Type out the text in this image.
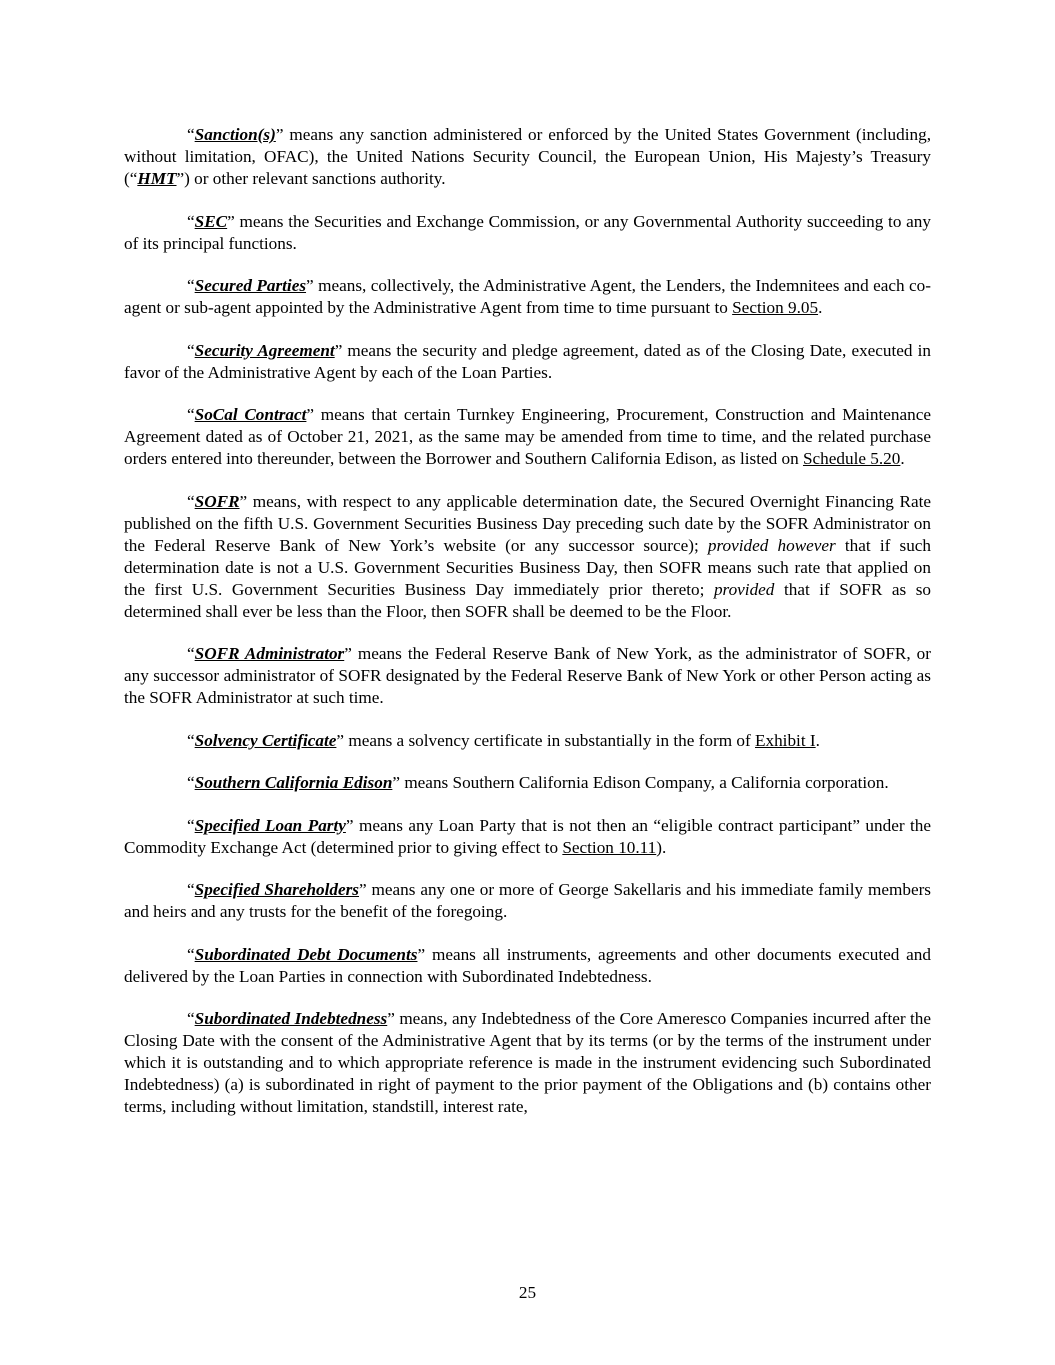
“Sanction(s)” means any sanction administered or enforced by the United States Government (including, without limitation, OFAC), the United Nations Security Council, the European Union, His Majesty’s Treasury (“HMT”) or other relevant sanctions authority.

“SEC” means the Securities and Exchange Commission, or any Governmental Authority succeeding to any of its principal functions.

“Secured Parties” means, collectively, the Administrative Agent, the Lenders, the Indemnitees and each co-agent or sub-agent appointed by the Administrative Agent from time to time pursuant to Section 9.05.

“Security Agreement” means the security and pledge agreement, dated as of the Closing Date, executed in favor of the Administrative Agent by each of the Loan Parties.

“SoCal Contract” means that certain Turnkey Engineering, Procurement, Construction and Maintenance Agreement dated as of October 21, 2021, as the same may be amended from time to time, and the related purchase orders entered into thereunder, between the Borrower and Southern California Edison, as listed on Schedule 5.20.

“SOFR” means, with respect to any applicable determination date, the Secured Overnight Financing Rate published on the fifth U.S. Government Securities Business Day preceding such date by the SOFR Administrator on the Federal Reserve Bank of New York’s website (or any successor source); provided however that if such determination date is not a U.S. Government Securities Business Day, then SOFR means such rate that applied on the first U.S. Government Securities Business Day immediately prior thereto; provided that if SOFR as so determined shall ever be less than the Floor, then SOFR shall be deemed to be the Floor.

“SOFR Administrator” means the Federal Reserve Bank of New York, as the administrator of SOFR, or any successor administrator of SOFR designated by the Federal Reserve Bank of New York or other Person acting as the SOFR Administrator at such time.

“Solvency Certificate” means a solvency certificate in substantially in the form of Exhibit I.

“Southern California Edison” means Southern California Edison Company, a California corporation.

“Specified Loan Party” means any Loan Party that is not then an “eligible contract participant” under the Commodity Exchange Act (determined prior to giving effect to Section 10.11).

“Specified Shareholders” means any one or more of George Sakellaris and his immediate family members and heirs and any trusts for the benefit of the foregoing.

“Subordinated Debt Documents” means all instruments, agreements and other documents executed and delivered by the Loan Parties in connection with Subordinated Indebtedness.

“Subordinated Indebtedness” means, any Indebtedness of the Core Ameresco Companies incurred after the Closing Date with the consent of the Administrative Agent that by its terms (or by the terms of the instrument under which it is outstanding and to which appropriate reference is made in the instrument evidencing such Subordinated Indebtedness) (a) is subordinated in right of payment to the prior payment of the Obligations and (b) contains other terms, including without limitation, standstill, interest rate,

25
